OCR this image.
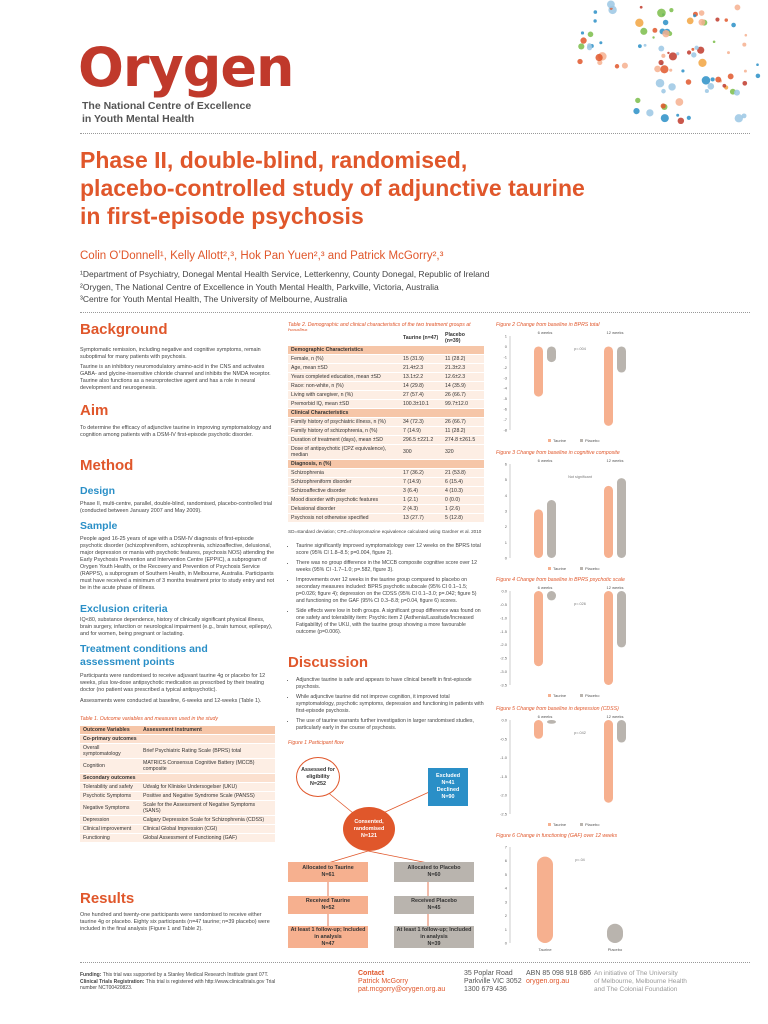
Orygen
The National Centre of Excellence
in Youth Mental Health
Phase II, double-blind, randomised,
placebo-controlled study of adjunctive taurine
in first-episode psychosis
Colin O’Donnell¹, Kelly Allott²,³, Hok Pan Yuen²,³ and Patrick McGorry²,³
¹Department of Psychiatry, Donegal Mental Health Service, Letterkenny, County Donegal, Republic of Ireland
²Orygen, The National Centre of Excellence in Youth Mental Health, Parkville, Victoria, Australia
³Centre for Youth Mental Health, The University of Melbourne, Australia
Background

Symptomatic remission, including negative and cognitive symptoms, remain suboptimal for many patients with psychosis.

Taurine is an inhibitory neuromodulatory amino-acid in the CNS and activates GABA- and glycine-insensitive chloride channel and inhibits the NMDA receptor. Taurine also functions as a neuroprotective agent and has a role in neural development and neurogenesis.

Aim

To determine the efficacy of adjunctive taurine in improving symptomatology and cognition among patients with a DSM-IV first-episode psychotic disorder.

Method
Design

Phase II, multi-centre, parallel, double-blind, randomised, placebo-controlled trial (conducted between January 2007 and May 2009).

Sample

People aged 16-25 years of age with a DSM-IV diagnosis of first-episode psychotic disorder (schizophreniform, schizophrenia, schizoaffective, delusional, major depression or mania with psychotic features, psychosis NOS) attending the Early Psychosis Prevention and Intervention Centre (EPPIC), a subprogram of Orygen Youth Health, or the Recovery and Prevention of Psychosis Service (RAPPS), a subprogram of Southern Health, in Melbourne, Australia. Participants must have received a minimum of 3 months treatment prior to study entry and not be in the acute phase of illness.

Exclusion criteria

IQ<80, substance dependence, history of clinically significant physical illness, brain surgery, infarction or neurological impairment (e.g., brain tumour, epilepsy), and for women, being pregnant or lactating.

Treatment conditions and assessment points

Participants were randomised to receive adjuvant taurine 4g or placebo for 12 weeks, plus low-dose antipsychotic medication as prescribed by their treating doctor (no patient was prescribed a typical antipsychotic).

Assessments were conducted at baseline, 6-weeks and 12-weeks (Table 1).

Table 1. Outcome variables and measures used in the study
Outcome Variables	Assessment instrument
Co-primary outcomes	
Overall symptomatology	Brief Psychiatric Rating Scale (BPRS) total
Cognition	MATRICS Consensus Cognitive Battery (MCCB) composite
Secondary outcomes	
Tolerability and safety	Udvalg for Kliniske Undersogelser (UKU)
Psychotic Symptoms	Positive and Negative Syndrome Scale (PANSS)
Negative Symptoms	Scale for the Assessment of Negative Symptoms (SANS)
Depression	Calgary Depression Scale for Schizophrenia (CDSS)
Clinical improvement	Clinical Global Impression (CGI)
Functioning	Global Assessment of Functioning (GAF)
Results

One hundred and twenty-one participants were randomised to receive either taurine 4g or placebo. Eighty six participants (n=47 taurine; n=39 placebo) were included in the final analysis (Figure 1 and Table 2).

Table 2. Demographic and clinical characteristics of the two treatment groups at
	Taurine (n=47)	Placebo (n=39)
Demographic Characteristics		
Female, n (%)	15 (31.9)	11 (28.2)
Age, mean ±SD	21.4±2.3	21.3±2.3
Years completed education, mean ±SD	13.1±2.2	12.6±2.3
Race: non-white, n (%)	14 (29.8)	14 (35.9)
Living with caregiver, n (%)	27 (57.4)	26 (66.7)
Premorbid IQ, mean ±SD	100.3±10.1	99.7±12.0
Clinical Characteristics		
Family history of psychiatric illness, n (%)	34 (72.3)	26 (66.7)
Family history of schizophrenia, n (%)	7 (14.9)	11 (28.2)
Duration of treatment (days), mean ±SD	296.5 ±221.2	274.8 ±261.5
Dose of antipsychotic (CPZ equivalence), median	300	320
Diagnosis, n (%)		
Schizophrenia	17 (36.2)	21 (53.8)
Schizophreniform disorder	7 (14.9)	6 (15.4)
Schizoaffective disorder	3 (6.4)	4 (10.3)
Mood disorder with psychotic features	1 (2.1)	0 (0.0)
Delusional disorder	2 (4.3)	1 (2.6)
Psychosis not otherwise specified	13 (27.7)	5 (12.8)
SD=standard deviation; CPZ=chlorpromazine equivalence calculated using Gardner et al. 2010
• Taurine significantly improved symptomatology over 12 weeks on the BPRS total score (95% CI 1.8–8.5; p=0.004, figure 2).
• There was no group difference in the MCCB composite cognitive score over 12 weeks (95% CI -1.7–1.0; p=.582, figure 3).
• Improvements over 12 weeks in the taurine group compared to placebo on secondary measures included: BPRS psychotic subscale (95% CI 0.1–1.5; p=0.026; figure 4); depression on the CDSS (95% CI 0.1–3.0; p=.042; figure 5) and functioning on the GAF (95% CI 0.3–8.8; p=0.04, figure 6) scores.
• Side effects were low in both groups. A significant group difference was found on one safety and tolerability item: Psychic item 2 (Asthenia/Lassitude/Increased Fatigability) of the UKU, with the taurine group showing a more favourable outcome (p=0.006).
Discussion
• Adjunctive taurine is safe and appears to have clinical benefit in first-episode psychosis.
• While adjunctive taurine did not improve cognition, it improved total symptomatology, psychotic symptoms, depression and functioning in patients with first-episode psychosis.
• The use of taurine warrants further investigation in larger randomised studies, particularly early in the course of psychosis.
Figure 1 Participant flow
Assessed for eligibility
N=252
Excluded
N=41
Declined
N=90
Consented, randomised
N=121
Allocated to Taurine
N=61
Allocated to Placebo
N=60
Received Taurine
N=52
Received Placebo
N=45
At least 1 follow-up; Included in analysis
N=47
At least 1 follow-up; Included in analysis
N=39
Figure 2 Change from baseline in BPRS total
1
0
-1
-2
-3
-4
-5
-6
-7
-8
6 weeks	12 weeks
p=.004
Taurine	Placebo
Figure 3 Change from baseline in cognitive composite
6
5
4
3
2
1
0
6 weeks	12 weeks
Not significant
Taurine	Placebo
Figure 4 Change from baseline in BPRS psychotic scale
0.0
-0.5
-1.0
-1.5
-2.0
-2.5
-3.0
-3.5
6 weeks	12 weeks
p=.026
Taurine	Placebo
Figure 5 Change from baseline in depression (CDSS)
0.0
-0.5
-1.0
-1.5
-2.0
-2.5
6 weeks	12 weeks
p=.042
Taurine	Placebo
Figure 6 Change in functioning (GAF) over 12 weeks
7
6
5
4
3
2
1
0
Taurine	Placebo
p=.04
Funding: This trial was supported by a Stanley Medical Research Institute grant 07T.
Clinical Trials Registration: This trial is registered with http://www.clinicaltrials.gov Trial number NCT00420823.
Contact
Patrick McGorry
pat.mcgorry@orygen.org.au
35 Poplar Road
Parkville VIC 3052
1300 679 436
ABN 85 098 918 686
orygen.org.au
An initiative of The University
of Melbourne, Melbourne Health
and The Colonial Foundation
